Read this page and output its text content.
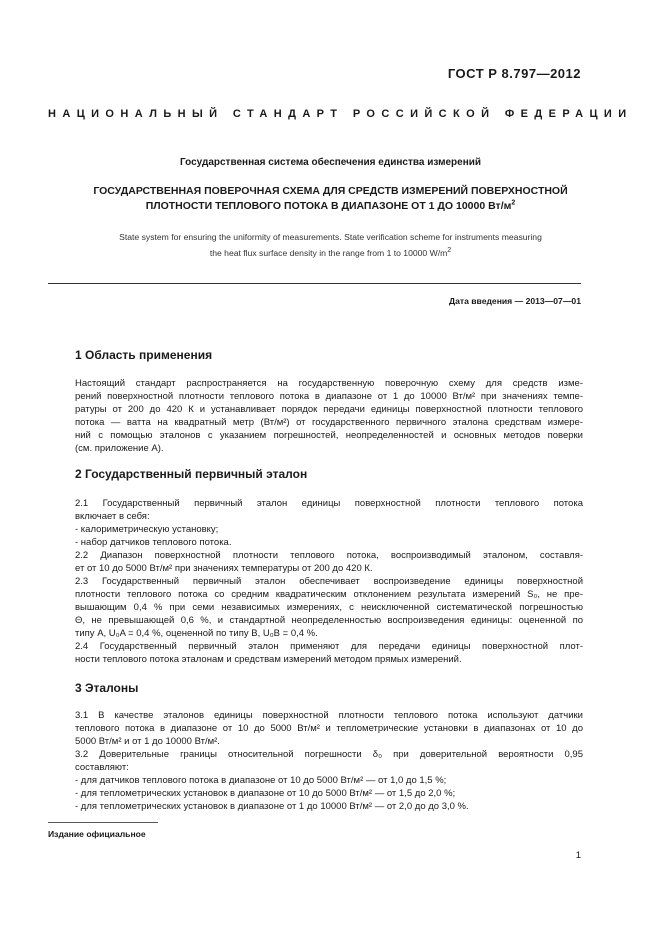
ГОСТ Р 8.797—2012
НАЦИОНАЛЬНЫЙ СТАНДАРТ РОССИЙСКОЙ ФЕДЕРАЦИИ
Государственная система обеспечения единства измерений
ГОСУДАРСТВЕННАЯ ПОВЕРОЧНАЯ СХЕМА ДЛЯ СРЕДСТВ ИЗМЕРЕНИЙ ПОВЕРХНОСТНОЙ
ПЛОТНОСТИ ТЕПЛОВОГО ПОТОКА В ДИАПАЗОНЕ ОТ 1 ДО 10000 $Вт/м^2$
State system for ensuring the uniformity of measurements. State verification scheme for instruments measuring
the heat flux surface density in the range from 1 to 10000 $W/m^2$
Дата введения — 2013—07—01
1 Область применения
Настоящий стандарт распространяется на государственную поверочную схему для средств изме-
рений поверхностной плотности теплового потока в диапазоне от 1 до 10000 Вт/м² при значениях темпе-
ратуры от 200 до 420 К и устанавливает порядок передачи единицы поверхностной плотности теплового
потока — ватта на квадратный метр (Вт/м²) от государственного первичного эталона средствам измере-
ний с помощью эталонов с указанием погрешностей, неопределенностей и основных методов поверки
(см. приложение А).
2 Государственный первичный эталон
2.1 Государственный первичный эталон единицы поверхностной плотности теплового потока
включает в себя:
- калориметрическую установку;
- набор датчиков теплового потока.
2.2 Диапазон поверхностной плотности теплового потока, воспроизводимый эталоном, составля-
ет от 10 до 5000 Вт/м² при значениях температуры от 200 до 420 К.
2.3 Государственный первичный эталон обеспечивает воспроизведение единицы поверхностной
плотности теплового потока со средним квадратическим отклонением результата измерений S₀, не пре-
вышающим 0,4 % при семи независимых измерениях, с неисключенной систематической погрешностью
Θ, не превышающей 0,6 %, и стандартной неопределенностью воспроизведения единицы: оцененной по
типу А, U₀A = 0,4 %, оцененной по типу В, U₀B = 0,4 %.
2.4 Государственный первичный эталон применяют для передачи единицы поверхностной плот-
ности теплового потока эталонам и средствам измерений методом прямых измерений.
3 Эталоны
3.1 В качестве эталонов единицы поверхностной плотности теплового потока используют датчики
теплового потока в диапазоне от 10 до 5000 Вт/м² и теплометрические установки в диапазонах от 10 до
5000 Вт/м² и от 1 до 10000 Вт/м².
3.2 Доверительные границы относительной погрешности δ₀ при доверительной вероятности 0,95
составляют:
- для датчиков теплового потока в диапазоне от 10 до 5000 Вт/м² — от 1,0 до 1,5 %;
- для теплометрических установок в диапазоне от 10 до 5000 Вт/м² — от 1,5 до 2,0 %;
- для теплометрических установок в диапазоне от 1 до 10000 Вт/м² — от 2,0 до до 3,0 %.
Издание официальное
1
